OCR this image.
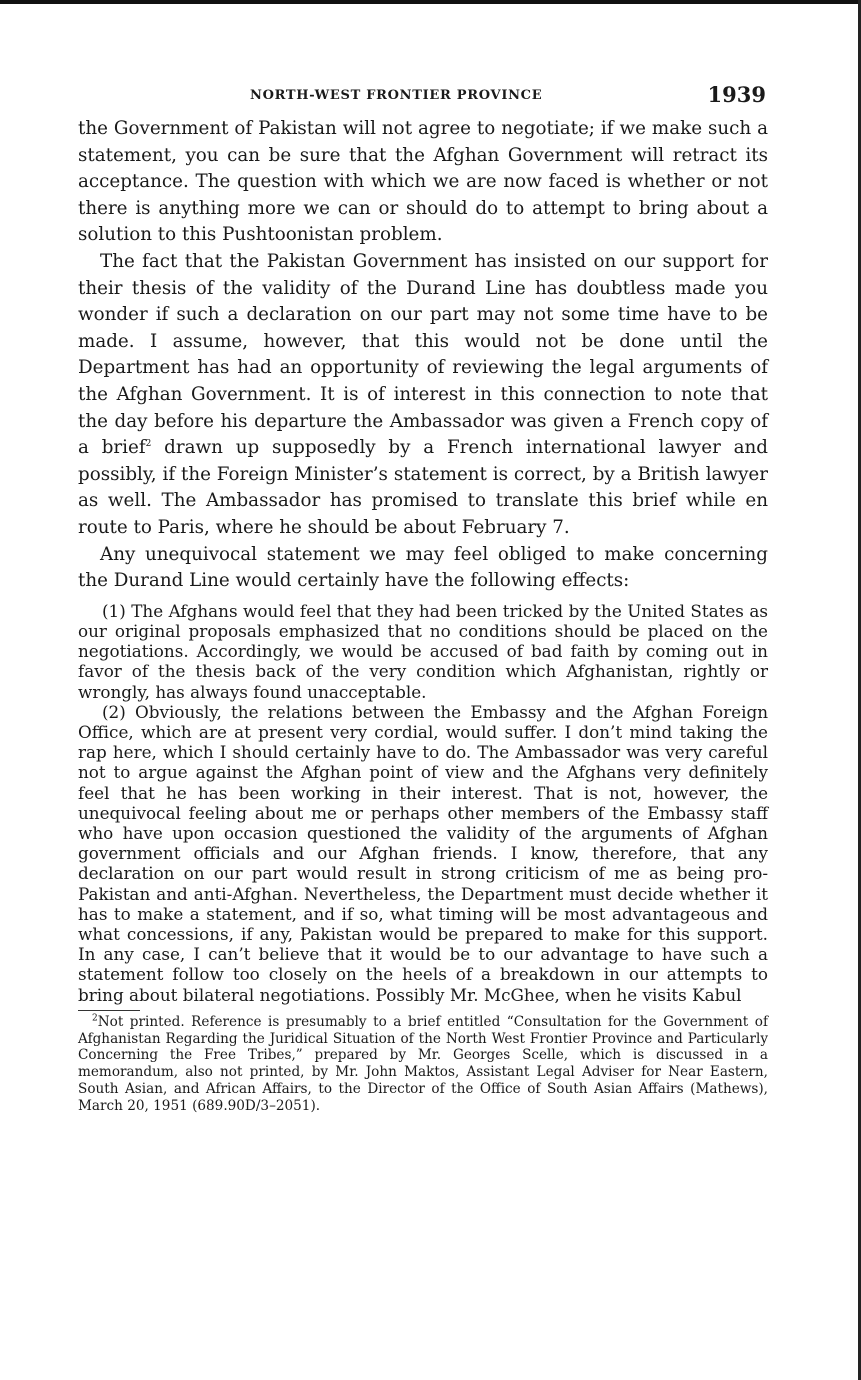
NORTH-WEST FRONTIER PROVINCE	1939

the Government of Pakistan will not agree to negotiate; if we make such a statement, you can be sure that the Afghan Government will retract its acceptance. The question with which we are now faced is whether or not there is anything more we can or should do to attempt to bring about a solution to this Pushtoonistan problem.

The fact that the Pakistan Government has insisted on our support for their thesis of the validity of the Durand Line has doubtless made you wonder if such a declaration on our part may not some time have to be made. I assume, however, that this would not be done until the Department has had an opportunity of reviewing the legal arguments of the Afghan Government. It is of interest in this connection to note that the day before his departure the Ambassador was given a French copy of a brief$^2$ drawn up supposedly by a French international lawyer and possibly, if the Foreign Minister’s statement is correct, by a British lawyer as well. The Ambassador has promised to translate this brief while en route to Paris, where he should be about February 7.

Any unequivocal statement we may feel obliged to make concerning the Durand Line would certainly have the following effects:

(1) The Afghans would feel that they had been tricked by the United States as our original proposals emphasized that no conditions should be placed on the negotiations. Accordingly, we would be accused of bad faith by coming out in favor of the thesis back of the very condition which Afghanistan, rightly or wrongly, has always found unacceptable.

(2) Obviously, the relations between the Embassy and the Afghan Foreign Office, which are at present very cordial, would suffer. I don’t mind taking the rap here, which I should certainly have to do. The Ambassador was very careful not to argue against the Afghan point of view and the Afghans very definitely feel that he has been working in their interest. That is not, however, the unequivocal feeling about me or perhaps other members of the Embassy staff who have upon occasion questioned the validity of the arguments of Afghan government officials and our Afghan friends. I know, therefore, that any declaration on our part would result in strong criticism of me as being pro-Pakistan and anti-Afghan. Nevertheless, the Department must decide whether it has to make a statement, and if so, what timing will be most advantageous and what concessions, if any, Pakistan would be prepared to make for this support. In any case, I can’t believe that it would be to our advantage to have such a statement follow too closely on the heels of a breakdown in our attempts to bring about bilateral negotiations. Possibly Mr. McGhee, when he visits Kabul

$^2$Not printed. Reference is presumably to a brief entitled “Consultation for the Government of Afghanistan Regarding the Juridical Situation of the North West Frontier Province and Particularly Concerning the Free Tribes,” prepared by Mr. Georges Scelle, which is discussed in a memorandum, also not printed, by Mr. John Maktos, Assistant Legal Adviser for Near Eastern, South Asian, and African Affairs, to the Director of the Office of South Asian Affairs (Mathews), March 20, 1951 (689.90D/3–2051).
